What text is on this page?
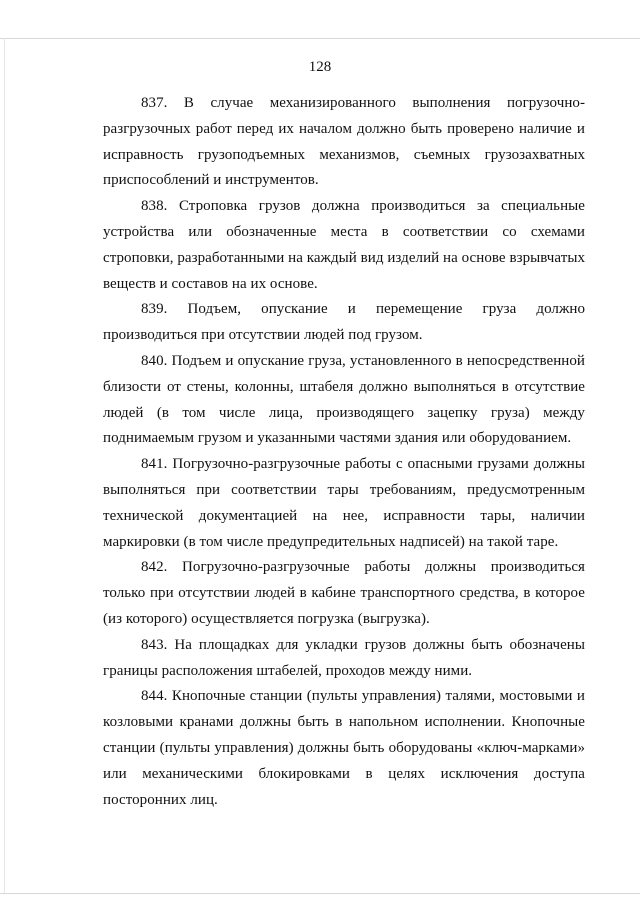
128

837. В случае механизированного выполнения погрузочно-разгрузочных работ перед их началом должно быть проверено наличие и исправность грузоподъемных механизмов, съемных грузозахватных приспособлений и инструментов.

838. Строповка грузов должна производиться за специальные устройства или обозначенные места в соответствии со схемами строповки, разработанными на каждый вид изделий на основе взрывчатых веществ и составов на их основе.

839. Подъем, опускание и перемещение груза должно производиться при отсутствии людей под грузом.

840. Подъем и опускание груза, установленного в непосредственной близости от стены, колонны, штабеля должно выполняться в отсутствие людей (в том числе лица, производящего зацепку груза) между поднимаемым грузом и указанными частями здания или оборудованием.

841. Погрузочно-разгрузочные работы с опасными грузами должны выполняться при соответствии тары требованиям, предусмотренным технической документацией на нее, исправности тары, наличии маркировки (в том числе предупредительных надписей) на такой таре.

842. Погрузочно-разгрузочные работы должны производиться только при отсутствии людей в кабине транспортного средства, в которое (из которого) осуществляется погрузка (выгрузка).

843. На площадках для укладки грузов должны быть обозначены границы расположения штабелей, проходов между ними.

844. Кнопочные станции (пульты управления) талями, мостовыми и козловыми кранами должны быть в напольном исполнении. Кнопочные станции (пульты управления) должны быть оборудованы «ключ-марками» или механическими блокировками в целях исключения доступа посторонних лиц.
